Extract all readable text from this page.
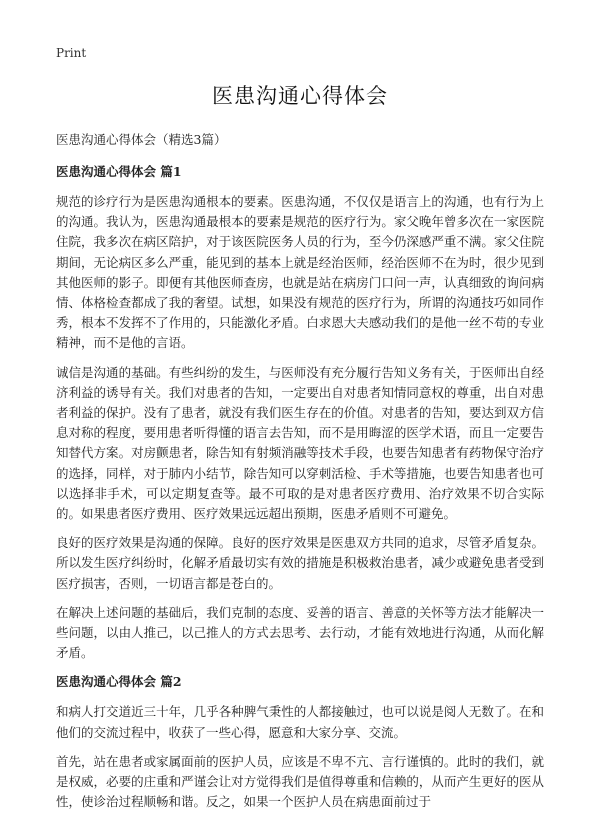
Print
医患沟通心得体会

医患沟通心得体会（精选3篇）

医患沟通心得体会 篇1

规范的诊疗行为是医患沟通根本的要素。医患沟通，不仅仅是语言上的沟通，也有行为上的沟通。我认为，医患沟通最根本的要素是规范的医疗行为。家父晚年曾多次在一家医院住院，我多次在病区陪护，对于该医院医务人员的行为，至今仍深感严重不满。家父住院期间，无论病区多么严重，能见到的基本上就是经治医师，经治医师不在为时，很少见到其他医师的影子。即便有其他医师查房，也就是站在病房门口问一声，认真细致的询问病情、体格检查都成了我的奢望。试想，如果没有规范的医疗行为，所谓的沟通技巧如同作秀，根本不发挥不了作用的，只能激化矛盾。白求恩大夫感动我们的是他一丝不苟的专业精神，而不是他的言语。

诚信是沟通的基础。有些纠纷的发生，与医师没有充分履行告知义务有关，于医师出自经济利益的诱导有关。我们对患者的告知，一定要出自对患者知情同意权的尊重，出自对患者利益的保护。没有了患者，就没有我们医生存在的价值。对患者的告知，要达到双方信息对称的程度，要用患者听得懂的语言去告知，而不是用晦涩的医学术语，而且一定要告知替代方案。对房颤患者，除告知有射频消融等技术手段，也要告知患者有药物保守治疗的选择，同样，对于肺内小结节，除告知可以穿刺活检、手术等措施，也要告知患者也可以选择非手术，可以定期复查等。最不可取的是对患者医疗费用、治疗效果不切合实际的。如果患者医疗费用、医疗效果远远超出预期，医患矛盾则不可避免。

良好的医疗效果是沟通的保障。良好的医疗效果是医患双方共同的追求，尽管矛盾复杂。所以发生医疗纠纷时，化解矛盾最切实有效的措施是积极救治患者，减少或避免患者受到医疗损害，否则，一切语言都是苍白的。

在解决上述问题的基础后，我们克制的态度、妥善的语言、善意的关怀等方法才能解决一些问题，以由人推己，以己推人的方式去思考、去行动，才能有效地进行沟通，从而化解矛盾。

医患沟通心得体会 篇2

和病人打交道近三十年，几乎各种脾气秉性的人都接触过，也可以说是阅人无数了。在和他们的交流过程中，收获了一些心得，愿意和大家分享、交流。

首先，站在患者或家属面前的医护人员，应该是不卑不亢、言行谨慎的。此时的我们，就是权威，必要的庄重和严谨会让对方觉得我们是值得尊重和信赖的，从而产生更好的医从性，使诊治过程顺畅和谐。反之，如果一个医护人员在病患面前过于
